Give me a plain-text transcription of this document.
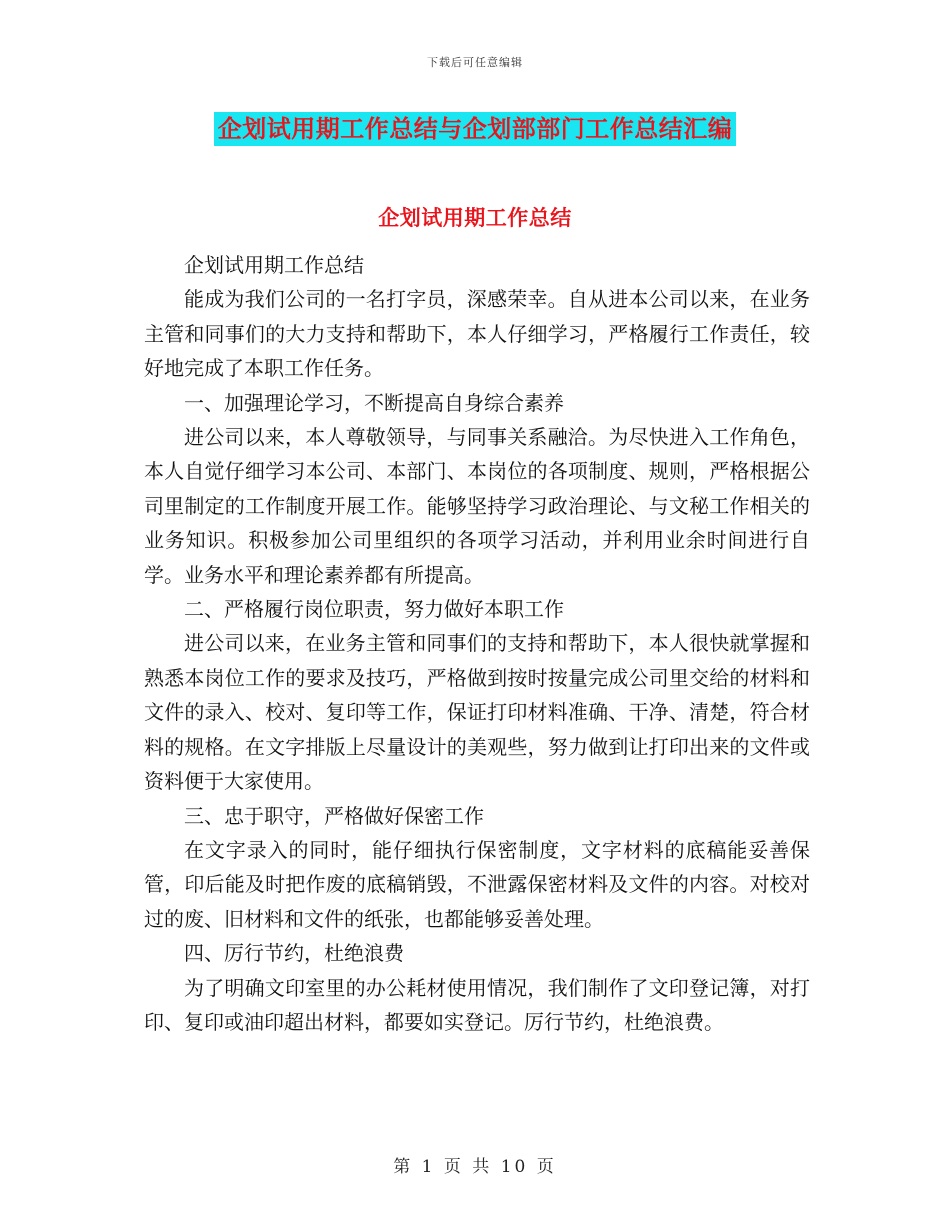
下载后可任意编辑
企划试用期工作总结与企划部部门工作总结汇编
企划试用期工作总结

企划试用期工作总结

能成为我们公司的一名打字员，深感荣幸。自从进本公司以来，在业务主管和同事们的大力支持和帮助下，本人仔细学习，严格履行工作责任，较好地完成了本职工作任务。

一、加强理论学习，不断提高自身综合素养

进公司以来，本人尊敬领导，与同事关系融洽。为尽快进入工作角色，本人自觉仔细学习本公司、本部门、本岗位的各项制度、规则，严格根据公司里制定的工作制度开展工作。能够坚持学习政治理论、与文秘工作相关的业务知识。积极参加公司里组织的各项学习活动，并利用业余时间进行自学。业务水平和理论素养都有所提高。

二、严格履行岗位职责，努力做好本职工作

进公司以来，在业务主管和同事们的支持和帮助下，本人很快就掌握和熟悉本岗位工作的要求及技巧，严格做到按时按量完成公司里交给的材料和文件的录入、校对、复印等工作，保证打印材料准确、干净、清楚，符合材料的规格。在文字排版上尽量设计的美观些，努力做到让打印出来的文件或资料便于大家使用。

三、忠于职守，严格做好保密工作

在文字录入的同时，能仔细执行保密制度，文字材料的底稿能妥善保管，印后能及时把作废的底稿销毁，不泄露保密材料及文件的内容。对校对过的废、旧材料和文件的纸张，也都能够妥善处理。

四、厉行节约，杜绝浪费

为了明确文印室里的办公耗材使用情况，我们制作了文印登记簿，对打印、复印或油印超出材料，都要如实登记。厉行节约，杜绝浪费。

第 1 页 共 10 页
